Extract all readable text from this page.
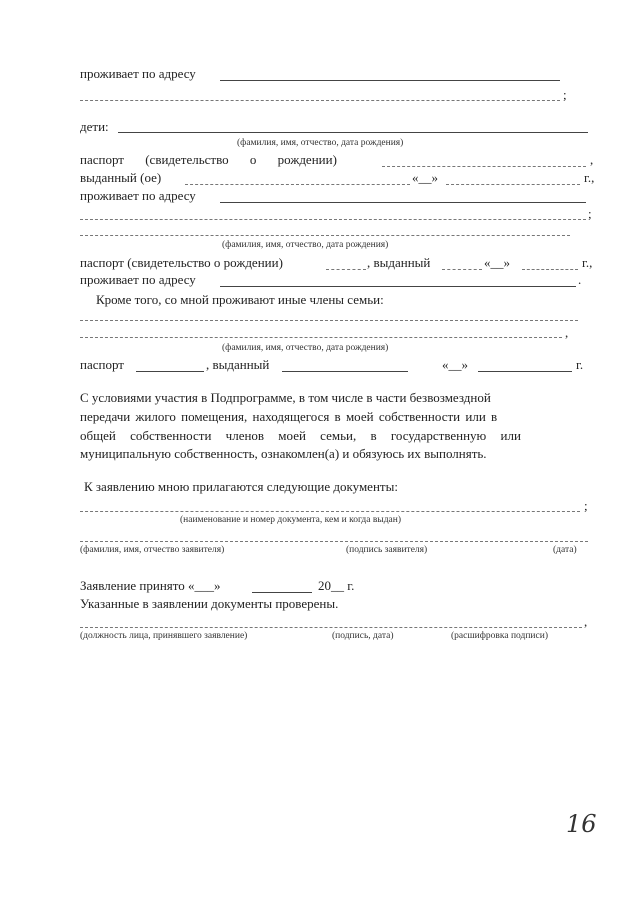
проживает по адресу
;
дети:
(фамилия, имя, отчество, дата рождения)
паспорт (свидетельство о рождении)	,
выданный (ое)	«__»	г.,
проживает по адресу
;
(фамилия, имя, отчество, дата рождения)
паспорт (свидетельство о рождении)	, выданный	«__»	г.,
проживает по адресу	.
Кроме того, со мной проживают иные члены семьи:
,
(фамилия, имя, отчество, дата рождения)
паспорт	, выданный	«__»	г.
С условиями участия в Подпрограмме, в том числе в части безвозмездной
передачи жилого помещения, находящегося в моей собственности или в
общей собственности членов моей семьи, в государственную или
муниципальную собственность, ознакомлен(а) и обязуюсь их выполнять.
К заявлению мною прилагаются следующие документы:
;
(наименование и номер документа, кем и когда выдан)
(фамилия, имя, отчество заявителя)	(подпись заявителя)	(дата)
Заявление принято «___»	20__ г.
Указанные в заявлении документы проверены.
,
(должность лица, принявшего заявление)	(подпись, дата)	(расшифровка подписи)
16
